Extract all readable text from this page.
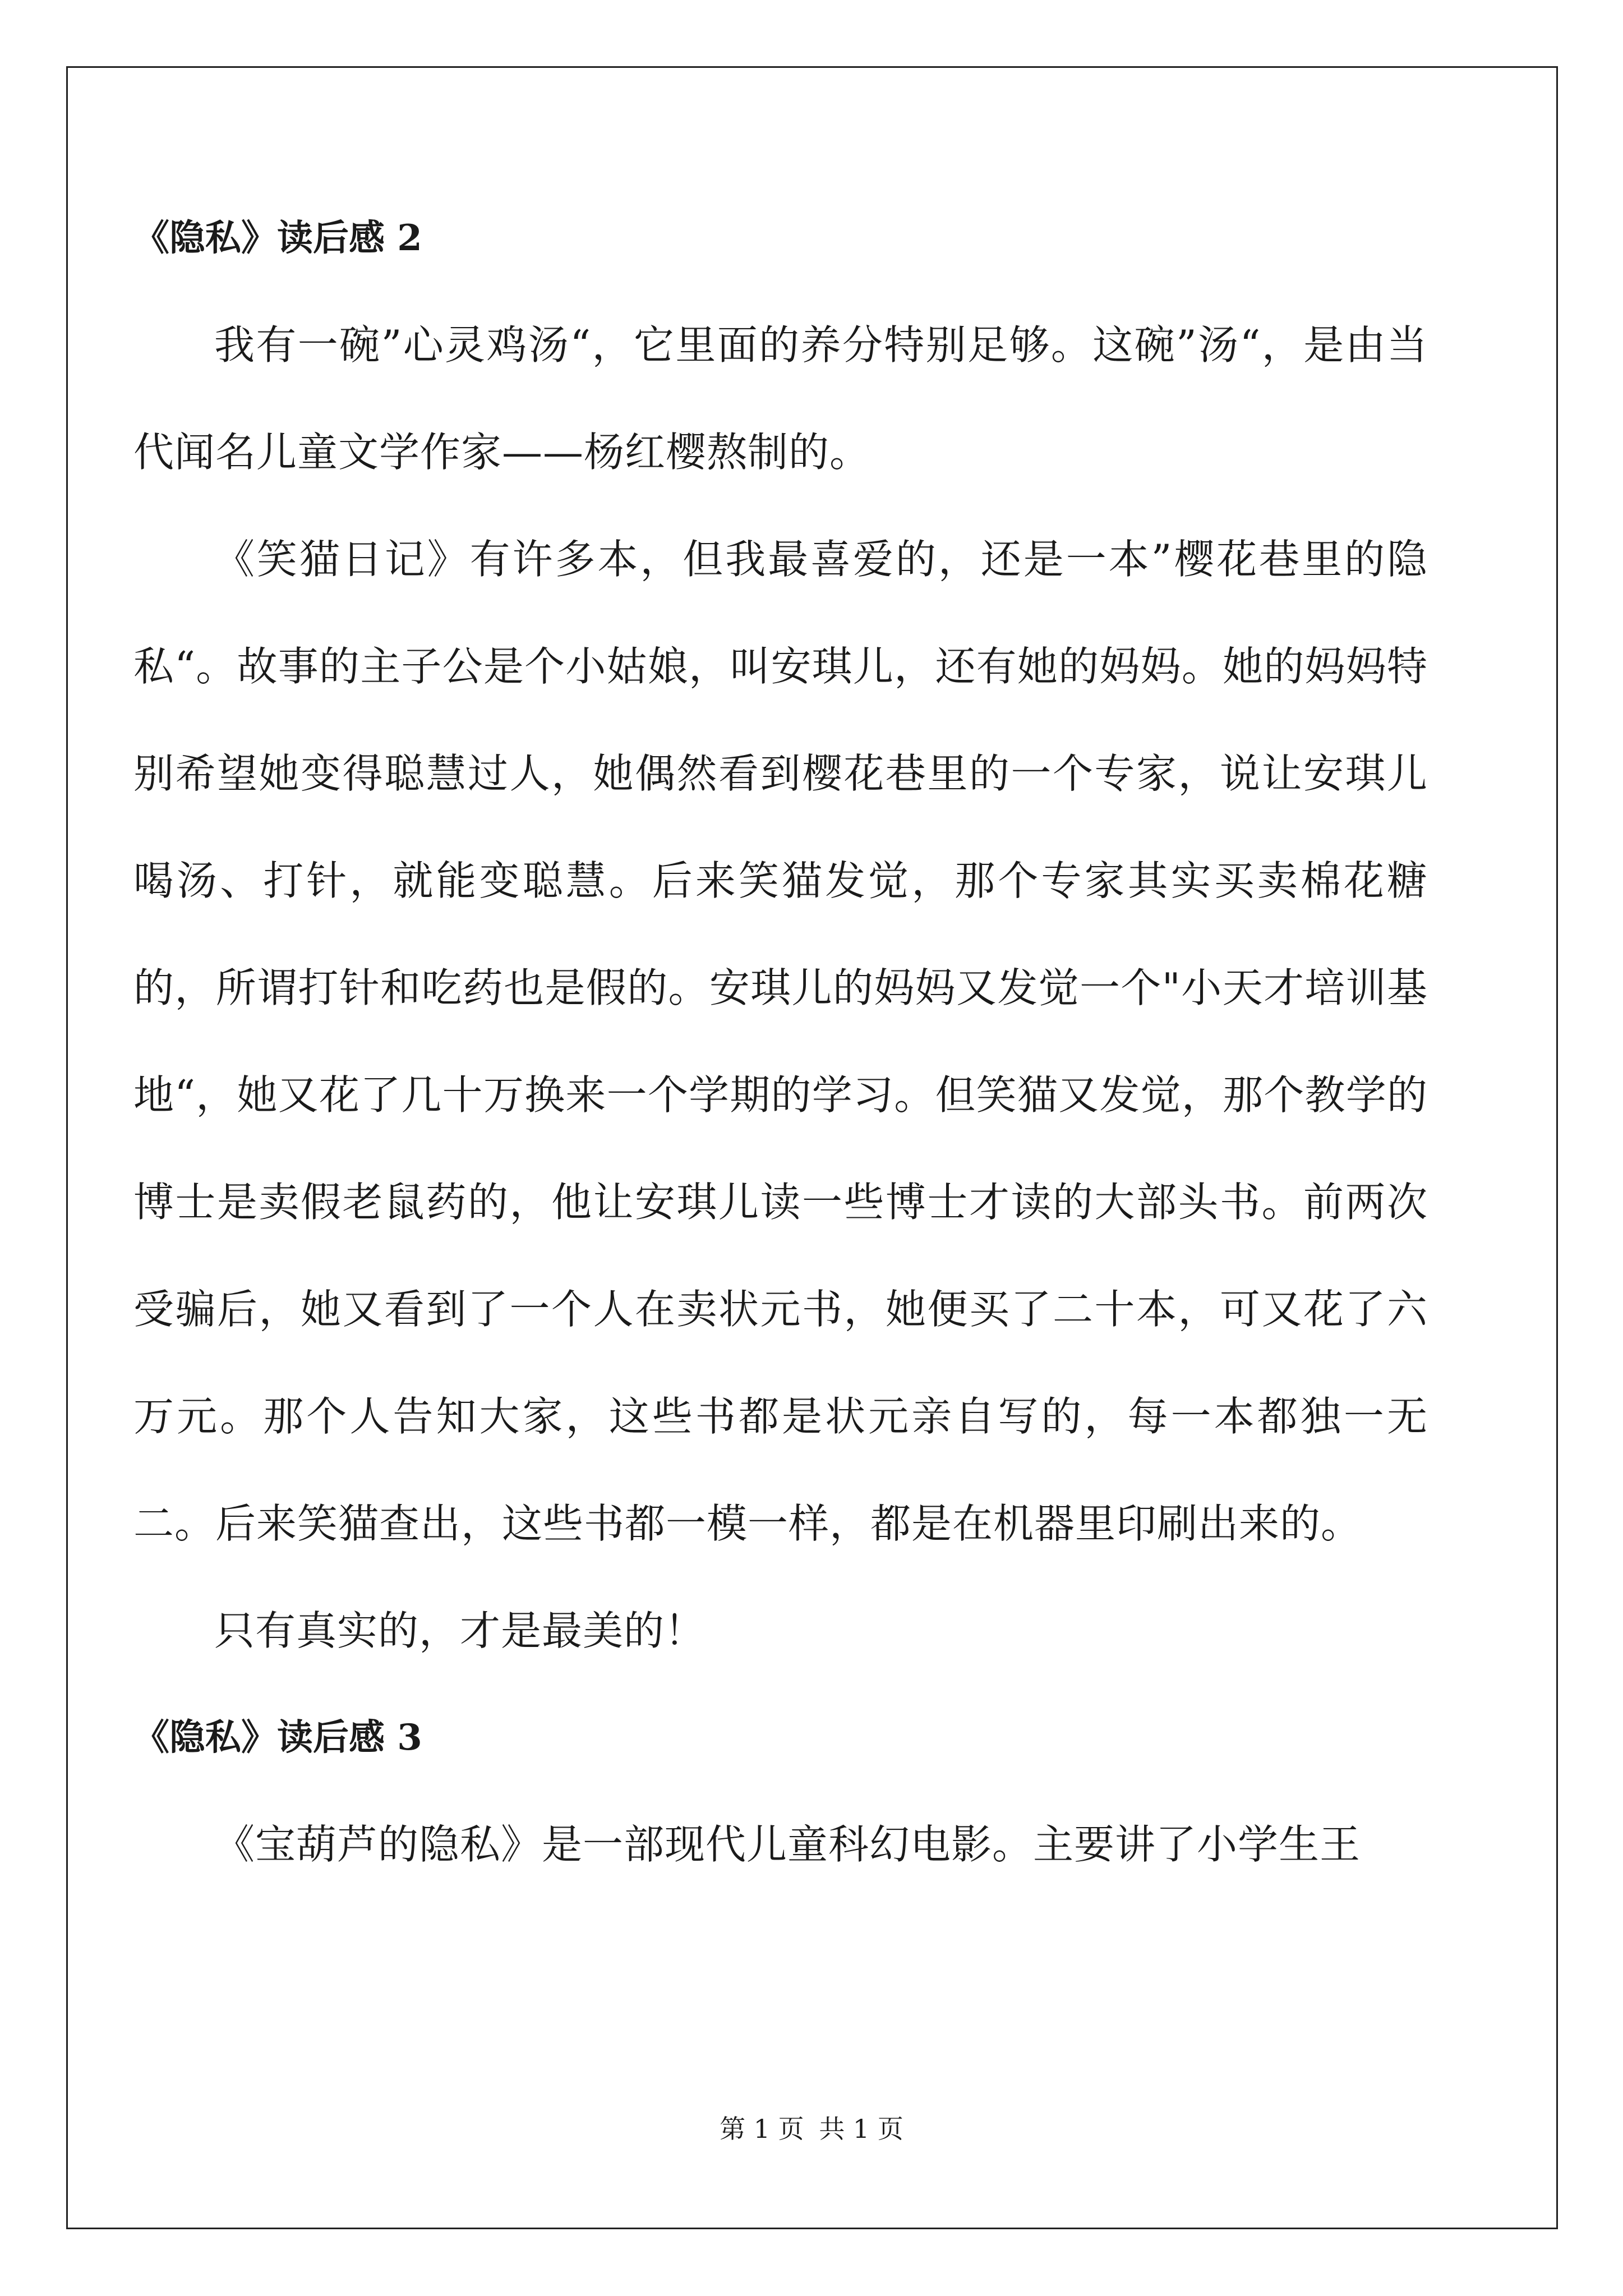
《隐私》读后感 2

我有一碗”心灵鸡汤“，它里面的养分特别足够。这碗”汤“，是由当代闻名儿童文学作家——杨红樱熬制的。

《笑猫日记》有许多本，但我最喜爱的，还是一本”樱花巷里的隐私“。故事的主子公是个小姑娘，叫安琪儿，还有她的妈妈。她的妈妈特别希望她变得聪慧过人，她偶然看到樱花巷里的一个专家，说让安琪儿喝汤、打针，就能变聪慧。后来笑猫发觉，那个专家其实买卖棉花糖的，所谓打针和吃药也是假的。安琪儿的妈妈又发觉一个"小天才培训基地“，她又花了几十万换来一个学期的学习。但笑猫又发觉，那个教学的博士是卖假老鼠药的，他让安琪儿读一些博士才读的大部头书。前两次受骗后，她又看到了一个人在卖状元书，她便买了二十本，可又花了六万元。那个人告知大家，这些书都是状元亲自写的，每一本都独一无二。后来笑猫查出，这些书都一模一样，都是在机器里印刷出来的。

只有真实的，才是最美的！

《隐私》读后感 3

《宝葫芦的隐私》是一部现代儿童科幻电影。主要讲了小学生王

第 1 页 共 1 页
